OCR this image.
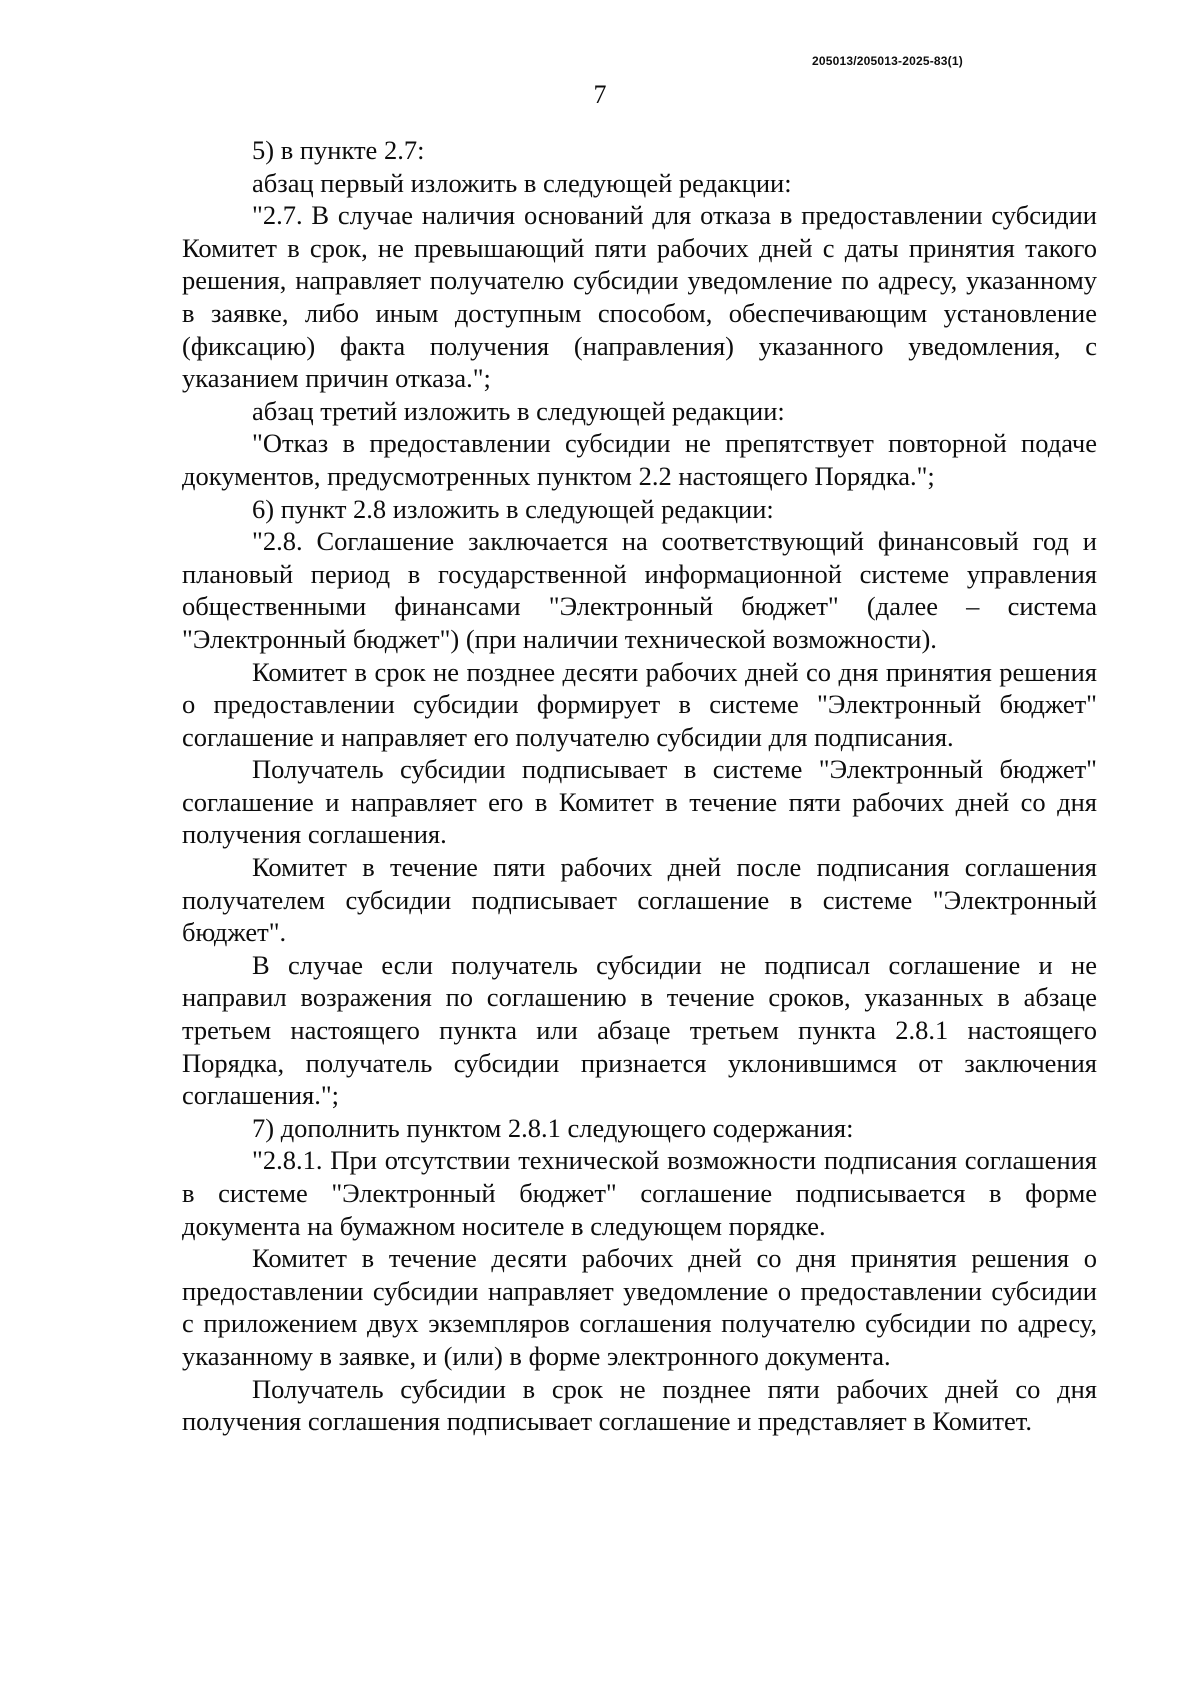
205013/205013-2025-83(1)
7

5) в пункте 2.7:

абзац первый изложить в следующей редакции:

"2.7. В случае наличия оснований для отказа в предоставлении субсидии Комитет в срок, не превышающий пяти рабочих дней с даты принятия такого решения, направляет получателю субсидии уведомление по адресу, указанному в заявке, либо иным доступным способом, обеспечивающим установление (фиксацию) факта получения (направления) указанного уведомления, с указанием причин отказа.";

абзац третий изложить в следующей редакции:

"Отказ в предоставлении субсидии не препятствует повторной подаче документов, предусмотренных пунктом 2.2 настоящего Порядка.";

6) пункт 2.8 изложить в следующей редакции:

"2.8. Соглашение заключается на соответствующий финансовый год и плановый период в государственной информационной системе управления общественными финансами "Электронный бюджет" (далее – система "Электронный бюджет") (при наличии технической возможности).

Комитет в срок не позднее десяти рабочих дней со дня принятия решения о предоставлении субсидии формирует в системе "Электронный бюджет" соглашение и направляет его получателю субсидии для подписания.

Получатель субсидии подписывает в системе "Электронный бюджет" соглашение и направляет его в Комитет в течение пяти рабочих дней со дня получения соглашения.

Комитет в течение пяти рабочих дней после подписания соглашения получателем субсидии подписывает соглашение в системе "Электронный бюджет".

В случае если получатель субсидии не подписал соглашение и не направил возражения по соглашению в течение сроков, указанных в абзаце третьем настоящего пункта или абзаце третьем пункта 2.8.1 настоящего Порядка, получатель субсидии признается уклонившимся от заключения соглашения.";

7) дополнить пунктом 2.8.1 следующего содержания:

"2.8.1. При отсутствии технической возможности подписания соглашения в системе "Электронный бюджет" соглашение подписывается в форме документа на бумажном носителе в следующем порядке.

Комитет в течение десяти рабочих дней со дня принятия решения о предоставлении субсидии направляет уведомление о предоставлении субсидии с приложением двух экземпляров соглашения получателю субсидии по адресу, указанному в заявке, и (или) в форме электронного документа.

Получатель субсидии в срок не позднее пяти рабочих дней со дня получения соглашения подписывает соглашение и представляет в Комитет.
